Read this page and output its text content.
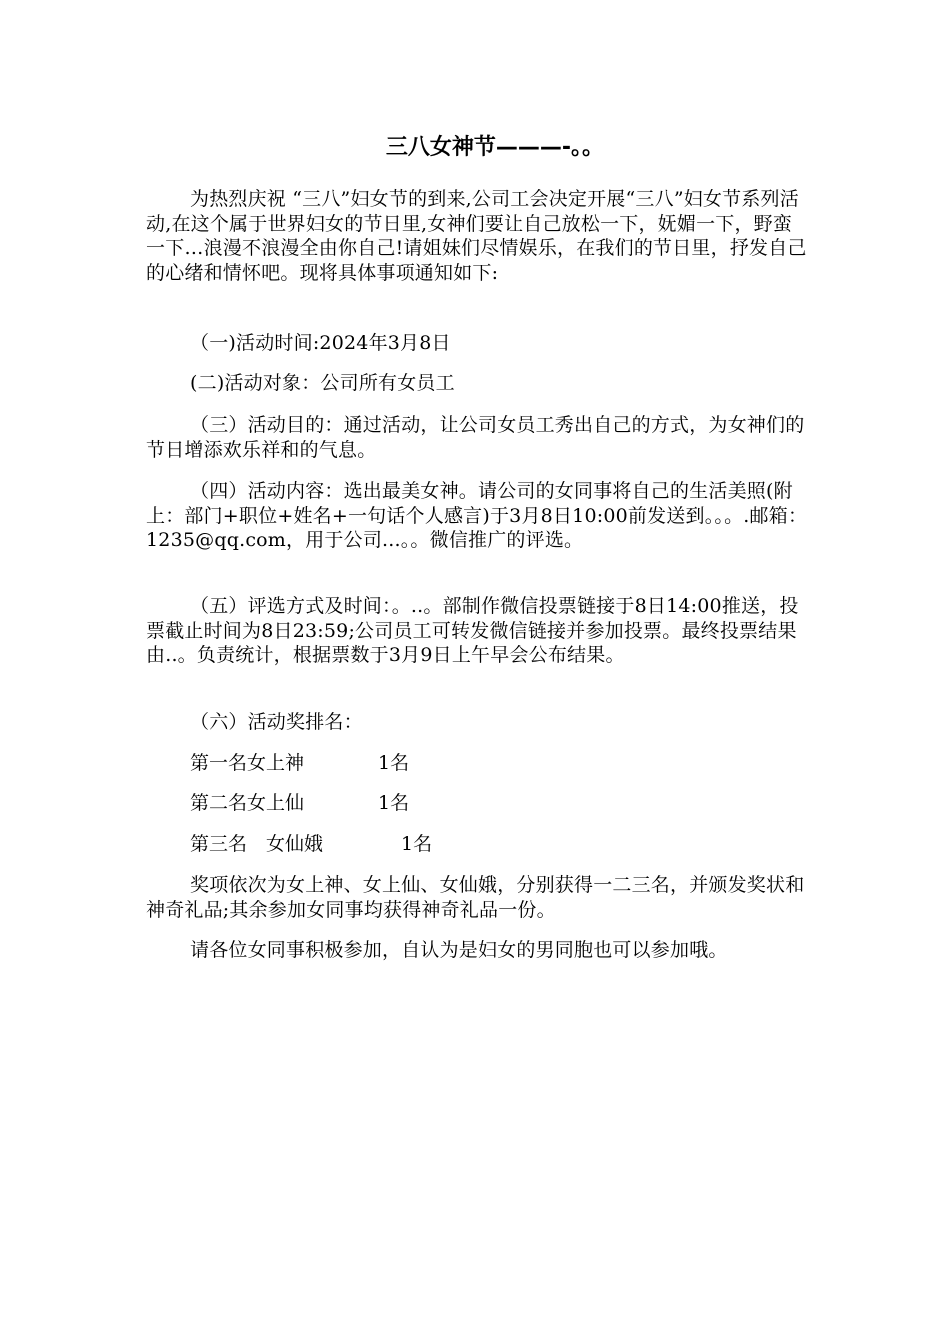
三八女神节———-。。

为热烈庆祝 “三八”妇女节的到来,公司工会决定开展“三八”妇女节系列活动,在这个属于世界妇女的节日里,女神们要让自己放松一下，妩媚一下，野蛮一下…浪漫不浪漫全由你自己!请姐妹们尽情娱乐，在我们的节日里，抒发自己的心绪和情怀吧。现将具体事项通知如下:

（一)活动时间:2024年3月8日

(二)活动对象：公司所有女员工

（三）活动目的：通过活动，让公司女员工秀出自己的方式，为女神们的节日增添欢乐祥和的气息。

（四）活动内容：选出最美女神。请公司的女同事将自己的生活美照(附上：部门+职位+姓名+一句话个人感言)于3月8日10:00前发送到。。。.邮箱：1235@qq.com，用于公司...。。微信推广的评选。

（五）评选方式及时间：。..。部制作微信投票链接于8日14:00推送，投票截止时间为8日23:59;公司员工可转发微信链接并参加投票。最终投票结果由..。负责统计，根据票数于3月9日上午早会公布结果。

（六）活动奖排名：

第一名女上神	1名
第二名女上仙	1名
第三名　女仙娥	1名

奖项依次为女上神、女上仙、女仙娥，分别获得一二三名，并颁发奖状和神奇礼品;其余参加女同事均获得神奇礼品一份。

请各位女同事积极参加，自认为是妇女的男同胞也可以参加哦。
